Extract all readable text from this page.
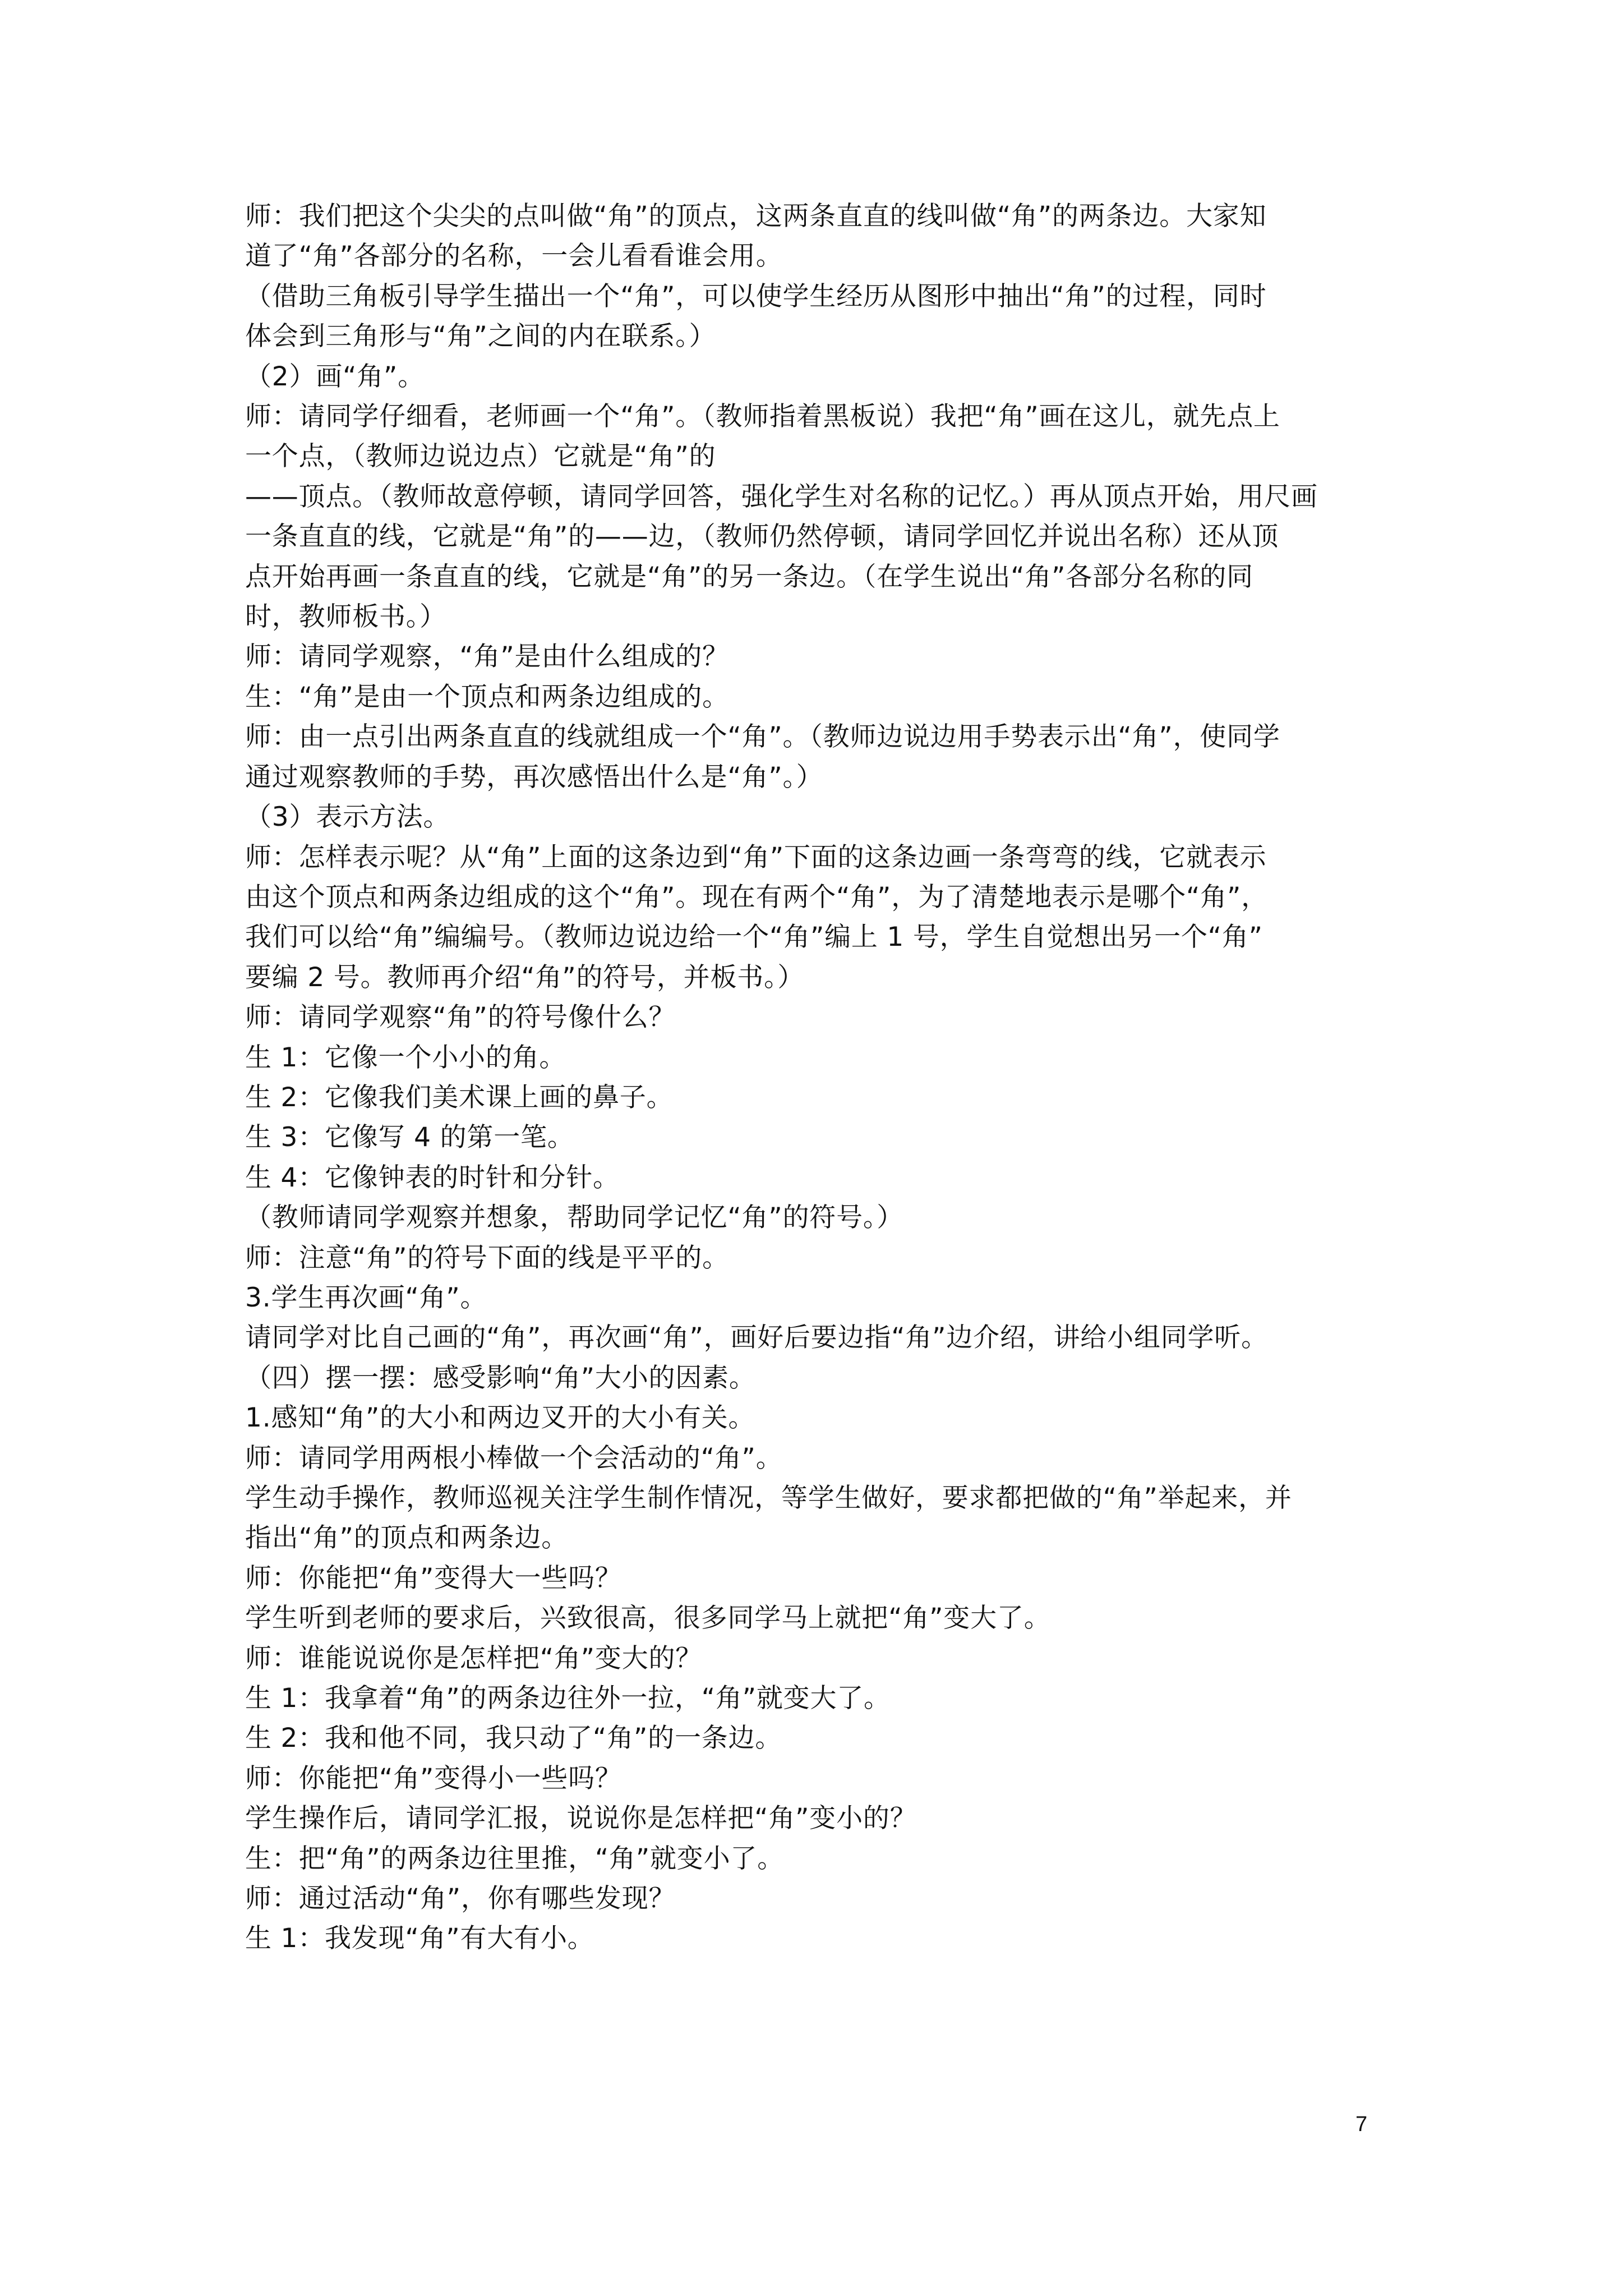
师：我们把这个尖尖的点叫做“角”的顶点，这两条直直的线叫做“角”的两条边。大家知
道了“角”各部分的名称，一会儿看看谁会用。
（借助三角板引导学生描出一个“角”，可以使学生经历从图形中抽出“角”的过程，同时
体会到三角形与“角”之间的内在联系。）
（2）画“角”。
师：请同学仔细看，老师画一个“角”。（教师指着黑板说）我把“角”画在这儿，就先点上
一个点，（教师边说边点）它就是“角”的
——顶点。（教师故意停顿，请同学回答，强化学生对名称的记忆。）再从顶点开始，用尺画
一条直直的线，它就是“角”的——边，（教师仍然停顿，请同学回忆并说出名称）还从顶
点开始再画一条直直的线，它就是“角”的另一条边。（在学生说出“角”各部分名称的同
时，教师板书。）
师：请同学观察，“角”是由什么组成的？
生：“角”是由一个顶点和两条边组成的。
师：由一点引出两条直直的线就组成一个“角”。（教师边说边用手势表示出“角”，使同学
通过观察教师的手势，再次感悟出什么是“角”。）
（3）表示方法。
师：怎样表示呢？从“角”上面的这条边到“角”下面的这条边画一条弯弯的线，它就表示
由这个顶点和两条边组成的这个“角”。现在有两个“角”，为了清楚地表示是哪个“角”，
我们可以给“角”编编号。（教师边说边给一个“角”编上 1 号，学生自觉想出另一个“角”
要编 2 号。教师再介绍“角”的符号，并板书。）
师：请同学观察“角”的符号像什么？
生 1：它像一个小小的角。
生 2：它像我们美术课上画的鼻子。
生 3：它像写 4 的第一笔。
生 4：它像钟表的时针和分针。
（教师请同学观察并想象，帮助同学记忆“角”的符号。）
师：注意“角”的符号下面的线是平平的。
3.学生再次画“角”。
请同学对比自己画的“角”，再次画“角”，画好后要边指“角”边介绍，讲给小组同学听。
（四）摆一摆：感受影响“角”大小的因素。
1.感知“角”的大小和两边叉开的大小有关。
师：请同学用两根小棒做一个会活动的“角”。
学生动手操作，教师巡视关注学生制作情况，等学生做好，要求都把做的“角”举起来，并
指出“角”的顶点和两条边。
师：你能把“角”变得大一些吗？
学生听到老师的要求后，兴致很高，很多同学马上就把“角”变大了。
师：谁能说说你是怎样把“角”变大的？
生 1：我拿着“角”的两条边往外一拉，“角”就变大了。
生 2：我和他不同，我只动了“角”的一条边。
师：你能把“角”变得小一些吗？
学生操作后，请同学汇报，说说你是怎样把“角”变小的？
生：把“角”的两条边往里推，“角”就变小了。
师：通过活动“角”，你有哪些发现？
生 1：我发现“角”有大有小。
7
